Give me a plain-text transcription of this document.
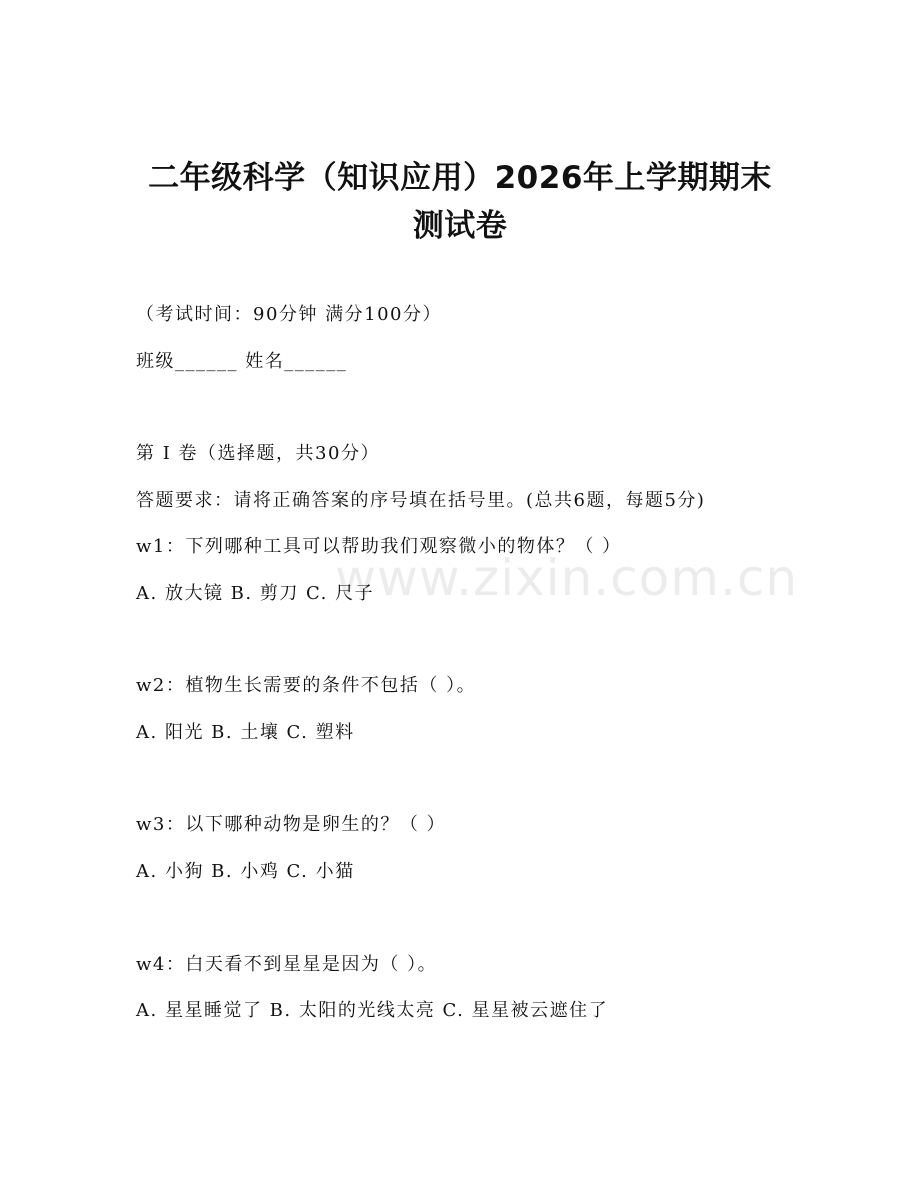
二年级科学（知识应用）2026年上学期期末
测试卷
（考试时间：90分钟 满分100分）
班级______ 姓名______
第 I 卷（选择题，共30分）
答题要求：请将正确答案的序号填在括号里。(总共6题，每题5分)
w1：下列哪种工具可以帮助我们观察微小的物体？（ ）
A. 放大镜 B. 剪刀 C. 尺子
w2：植物生长需要的条件不包括（ ）。
A. 阳光 B. 土壤 C. 塑料
w3：以下哪种动物是卵生的？（ ）
A. 小狗 B. 小鸡 C. 小猫
w4：白天看不到星星是因为（ ）。
A. 星星睡觉了 B. 太阳的光线太亮 C. 星星被云遮住了
www.zixin.com.cn
